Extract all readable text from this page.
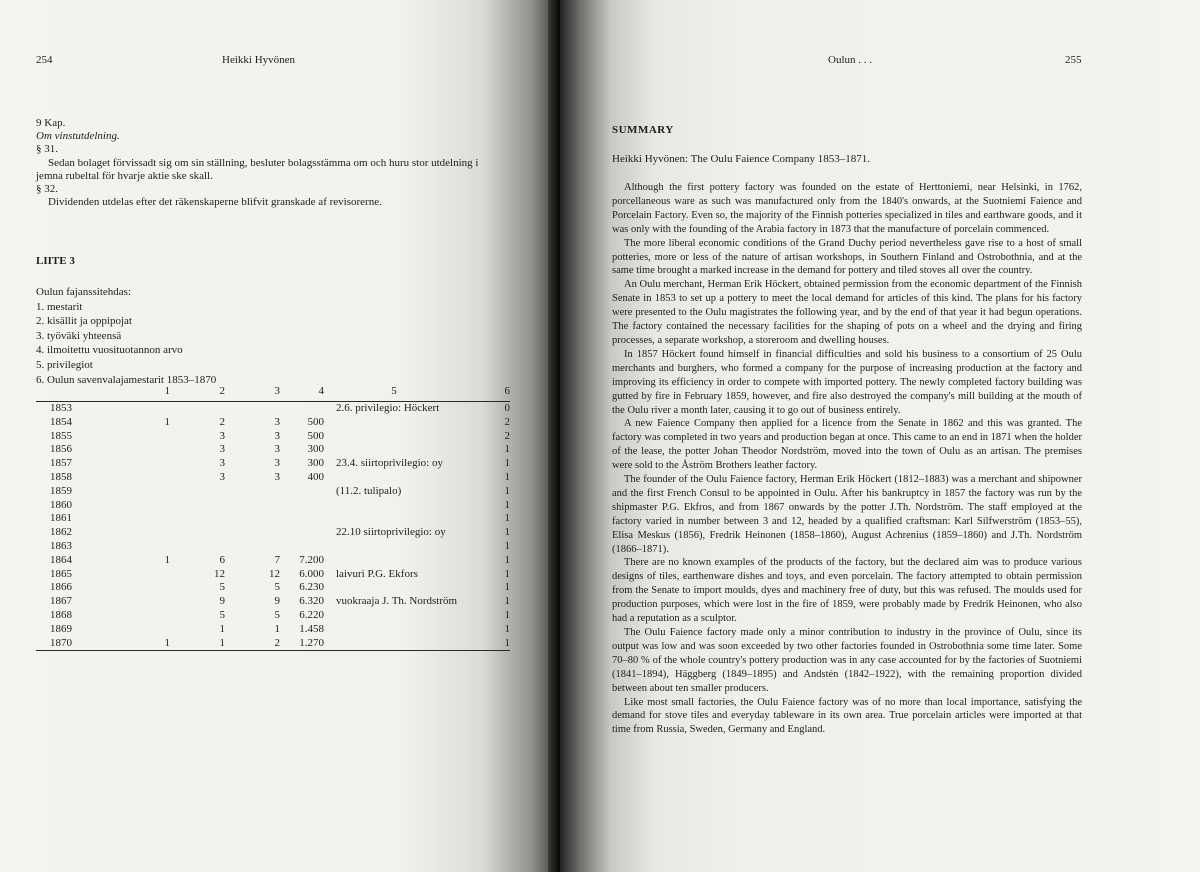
254	Heikki Hyvönen
9 Kap.
Om vinstutdelning.
§ 31.
Sedan bolaget förvissadt sig om sin ställning, besluter bolagsstämma om och huru stor utdelning i
jemna rubeltal för hvarje aktie ske skall.
§ 32.
Dividenden utdelas efter det räkenskaperne blifvit granskade af revisorerne.
LIITE 3
Oulun fajanssitehdas:
1. mestarit
2. kisällit ja oppipojat
3. työväki yhteensä
4. ilmoitettu vuosituotannon arvo
5. privilegiot
6. Oulun savenvalajamestarit 1853–1870
	1	2	3	4	5	6
1853					2.6. privilegio: Höckert	0
1854	1	2	3	500		2
1855		3	3	500		2
1856		3	3	300		1
1857		3	3	300	23.4. siirtoprivilegio: oy	1
1858		3	3	400		1
1859					(11.2. tulipalo)	1
1860						1
1861						1
1862					22.10 siirtoprivilegio: oy	1
1863						1
1864	1	6	7	7.200		1
1865		12	12	6.000	laivuri P.G. Ekfors	1
1866		5	5	6.230		1
1867		9	9	6.320	vuokraaja J. Th. Nordström	1
1868		5	5	6.220		1
1869		1	1	1.458		1
1870	1	1	2	1.270		1
Oulun . . .	255
SUMMARY
Heikki Hyvönen: The Oulu Faience Company 1853–1871.

Although the first pottery factory was founded on the estate of Herttoniemi, near Helsinki, in 1762, porcellaneous ware as such was manufactured only from the 1840's onwards, at the Suotniemi Faience and Porcelain Factory. Even so, the majority of the Finnish potteries specialized in tiles and earthware goods, and it was only with the founding of the Arabia factory in 1873 that the manufacture of porcelain commenced.

The more liberal economic conditions of the Grand Duchy period nevertheless gave rise to a host of small potteries, more or less of the nature of artisan workshops, in Southern Finland and Ostrobothnia, and at the same time brought a marked increase in the demand for pottery and tiled stoves all over the country.

An Oulu merchant, Herman Erik Höckert, obtained permission from the economic department of the Finnish Senate in 1853 to set up a pottery to meet the local demand for articles of this kind. The plans for his factory were presented to the Oulu magistrates the following year, and by the end of that year it had begun operations. The factory contained the necessary facilities for the shaping of pots on a wheel and the drying and firing processes, a separate workshop, a storeroom and dwelling houses.

In 1857 Höckert found himself in financial difficulties and sold his business to a consortium of 25 Oulu merchants and burghers, who formed a company for the purpose of increasing production at the factory and improving its efficiency in order to compete with imported pottery. The newly completed factory building was gutted by fire in February 1859, however, and fire also destroyed the company's mill building at the mouth of the Oulu river a month later, causing it to go out of business entirely.

A new Faience Company then applied for a licence from the Senate in 1862 and this was granted. The factory was completed in two years and production began at once. This came to an end in 1871 when the holder of the lease, the potter Johan Theodor Nordström, moved into the town of Oulu as an artisan. The premises were sold to the Åström Brothers leather factory.

The founder of the Oulu Faience factory, Herman Erik Höckert (1812–1883) was a merchant and shipowner and the first French Consul to be appointed in Oulu. After his bankruptcy in 1857 the factory was run by the shipmaster P.G. Ekfros, and from 1867 onwards by the potter J.Th. Nordström. The staff employed at the factory varied in number between 3 and 12, headed by a qualified craftsman: Karl Silfwerström (1853–55), Elisa Meskus (1856), Fredrik Heinonen (1858–1860), August Achrenius (1859–1860) and J.Th. Nordström (1866–1871).

There are no known examples of the products of the factory, but the declared aim was to produce various designs of tiles, earthenware dishes and toys, and even porcelain. The factory attempted to obtain permission from the Senate to import moulds, dyes and machinery free of duty, but this was refused. The moulds used for production purposes, which were lost in the fire of 1859, were probably made by Fredrik Heinonen, who also had a reputation as a sculptor.

The Oulu Faience factory made only a minor contribution to industry in the province of Oulu, since its output was low and was soon exceeded by two other factories founded in Ostrobothnia some time later. Some 70–80 % of the whole country's pottery production was in any case accounted for by the factories of Suotniemi (1841–1894), Häggberg (1849–1895) and Andstén (1842–1922), with the remaining proportion divided between about ten smaller producers.

Like most small factories, the Oulu Faience factory was of no more than local importance, satisfying the demand for stove tiles and everyday tableware in its own area. True porcelain articles were imported at that time from Russia, Sweden, Germany and England.
